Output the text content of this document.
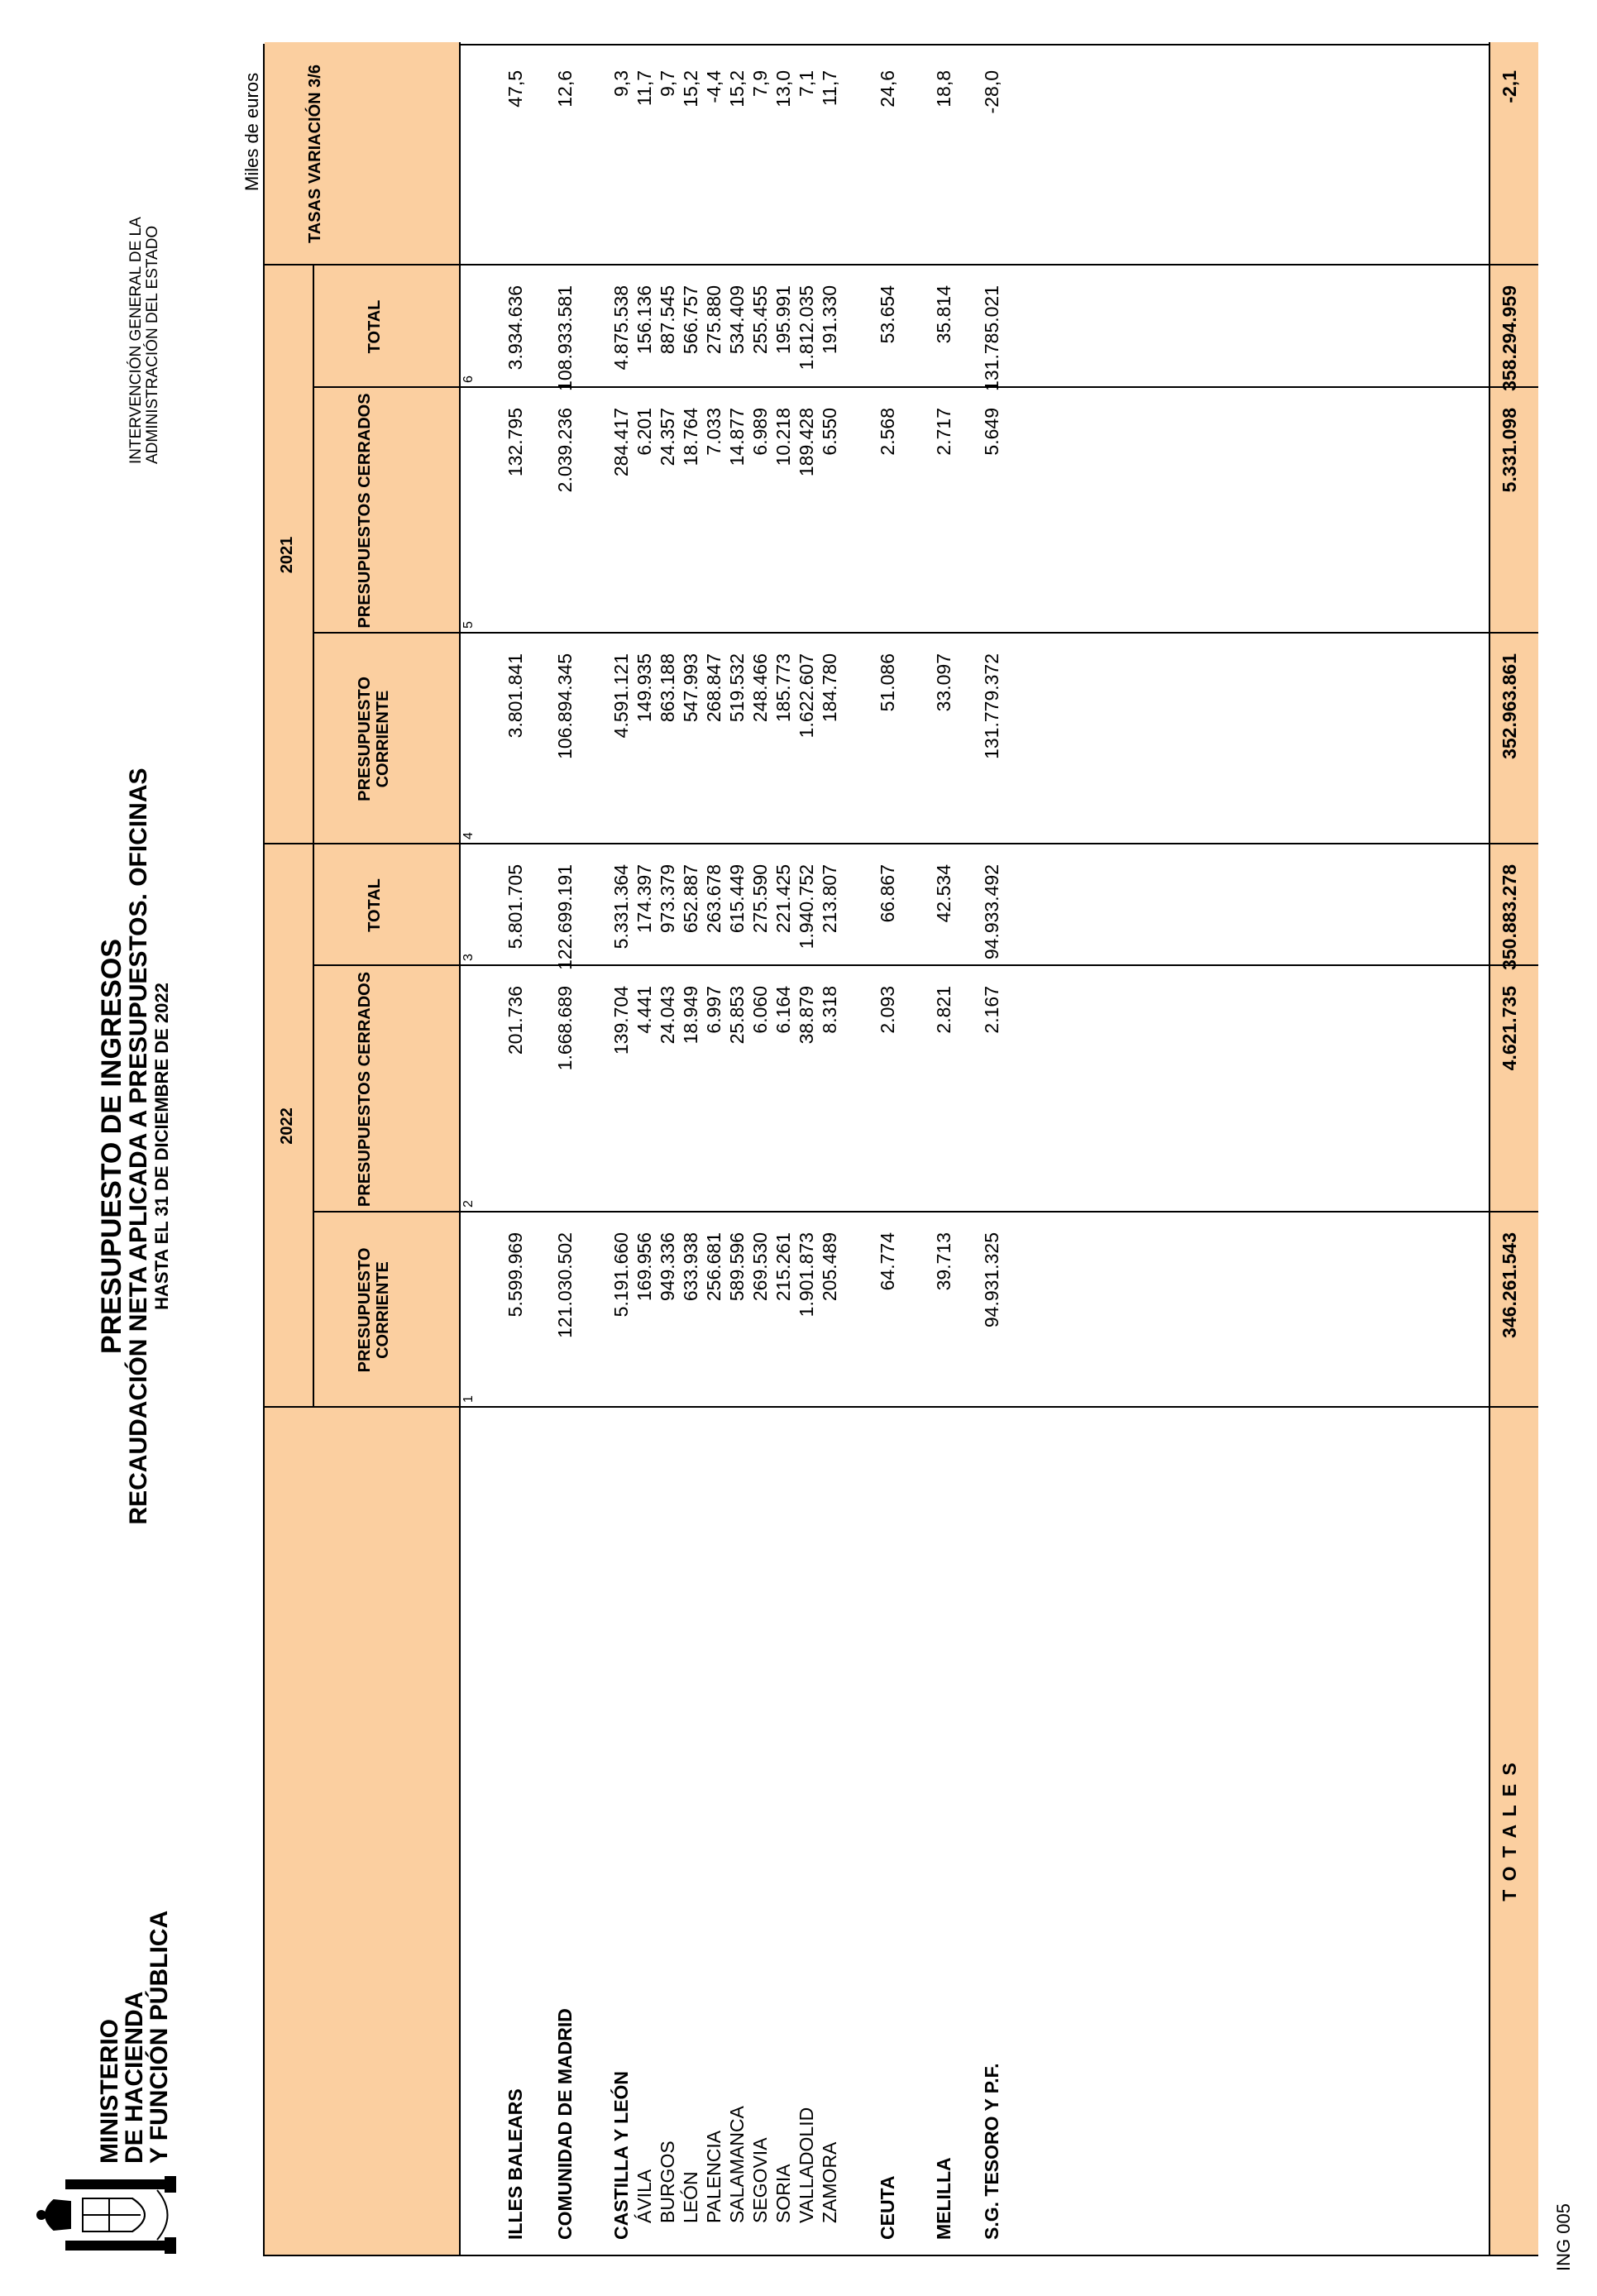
MINISTERIO
DE HACIENDA
Y FUNCIÓN PÚBLICA
PRESUPUESTO DE INGRESOS
RECAUDACIÓN NETA APLICADA A PRESUPUESTOS. OFICINAS HASTA EL 31 DE DICIEMBRE DE 2022
INTERVENCIÓN GENERAL DE LA ADMINISTRACIÓN DEL ESTADO
Miles de euros
ING 005
2022
2021
PRESUPUESTO CORRIENTE
PRESUPUESTOS CERRADOS
TOTAL
PRESUPUESTO CORRIENTE
PRESUPUESTOS CERRADOS
TOTAL
TASAS VARIACIÓN 3/6
1
2
3
4
5
6
ILLES BALEARS
5.599.969
201.736
5.801.705
3.801.841
132.795
3.934.636
47,5
COMUNIDAD DE MADRID
121.030.502
1.668.689
122.699.191
106.894.345
2.039.236
108.933.581
12,6
CASTILLA Y LEÓN
5.191.660
139.704
5.331.364
4.591.121
284.417
4.875.538
9,3
ÁVILA
169.956
4.441
174.397
149.935
6.201
156.136
11,7
BURGOS
949.336
24.043
973.379
863.188
24.357
887.545
9,7
LEÓN
633.938
18.949
652.887
547.993
18.764
566.757
15,2
PALENCIA
256.681
6.997
263.678
268.847
7.033
275.880
-4,4
SALAMANCA
589.596
25.853
615.449
519.532
14.877
534.409
15,2
SEGOVIA
269.530
6.060
275.590
248.466
6.989
255.455
7,9
SORIA
215.261
6.164
221.425
185.773
10.218
195.991
13,0
VALLADOLID
1.901.873
38.879
1.940.752
1.622.607
189.428
1.812.035
7,1
ZAMORA
205.489
8.318
213.807
184.780
6.550
191.330
11,7
CEUTA
64.774
2.093
66.867
51.086
2.568
53.654
24,6
MELILLA
39.713
2.821
42.534
33.097
2.717
35.814
18,8
S.G. TESORO Y P.F.
94.931.325
2.167
94.933.492
131.779.372
5.649
131.785.021
-28,0
T O T A L E S
346.261.543
4.621.735
350.883.278
352.963.861
5.331.098
358.294.959
-2,1
